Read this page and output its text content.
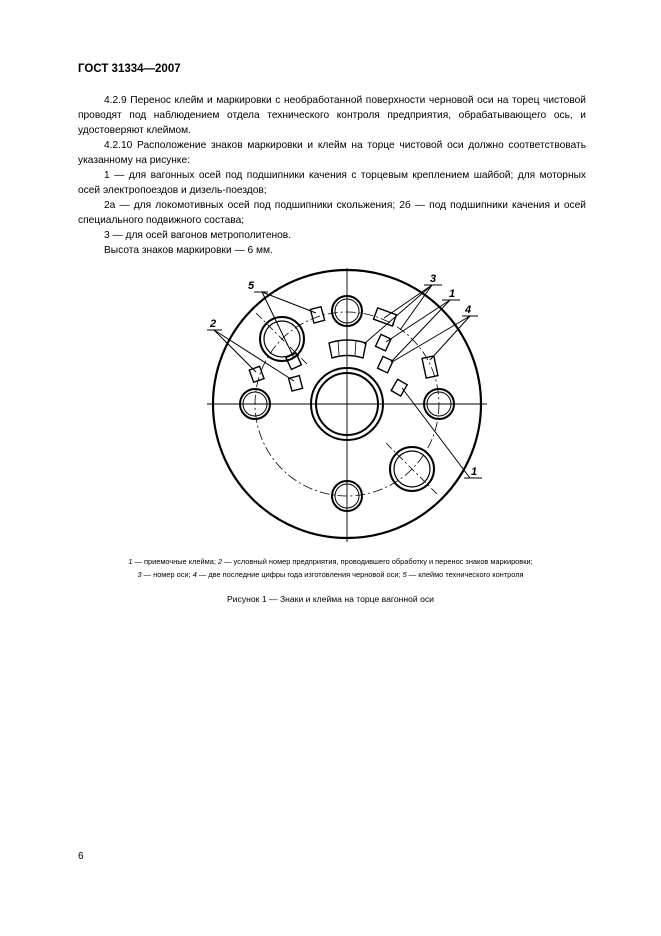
ГОСТ 31334—2007

4.2.9 Перенос клейм и маркировки с необработанной поверхности черновой оси на торец чистовой проводят под наблюдением отдела технического контроля предприятия, обрабатывающего ось, и удостоверяют клеймом.

4.2.10 Расположение знаков маркировки и клейм на торце чистовой оси должно соответствовать указанному на рисунке:

1 — для вагонных осей под подшипники качения с торцевым креплением шайбой; для моторных осей электропоездов и дизель-поездов;

2а — для локомотивных осей под подшипники скольжения; 2б — под подшипники качения и осей специального подвижного состава;

3 — для осей вагонов метрополитенов.

Высота знаков маркировки — 6 мм.

5
3
1
2
4
1
1 — приемочные клейма; 2 — условный номер предприятия, проводившего обработку и перенос знаков маркировки;
3 — номер оси; 4 — две последние цифры года изготовления черновой оси; 5 — клеймо технического контроля
Рисунок 1 — Знаки и клейма на торце вагонной оси
6
